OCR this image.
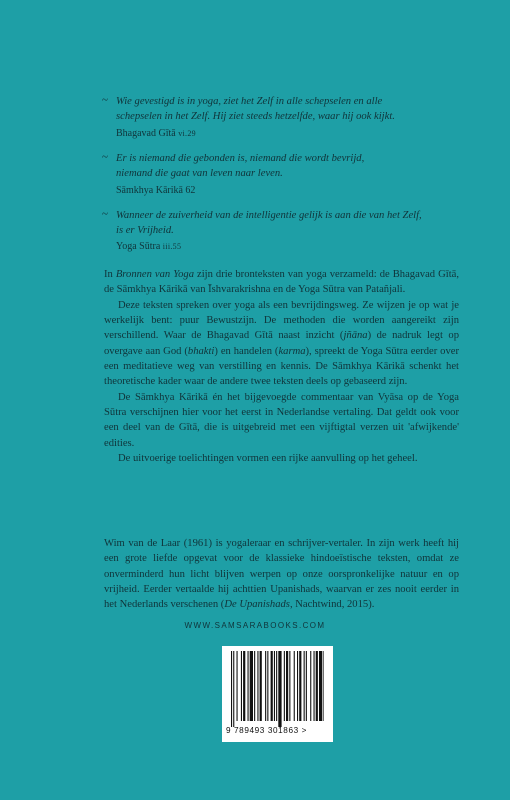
~ Wie gevestigd is in yoga, ziet het Zelf in alle schepselen en alle
schepselen in het Zelf. Hij ziet steeds hetzelfde, waar hij ook kijkt.
Bhagavad Gītā vi.29
~ Er is niemand die gebonden is, niemand die wordt bevrijd,
niemand die gaat van leven naar leven.
Sāmkhya Kārikā 62
~ Wanneer de zuiverheid van de intelligentie gelijk is aan die van het Zelf,
is er Vrijheid.
Yoga Sūtra iii.55

In Bronnen van Yoga zijn drie bronteksten van yoga verzameld: de Bhagavad Gītā, de Sāmkhya Kārikā van Īshvarakrishna en de Yoga Sūtra van Patañjali.

Deze teksten spreken over yoga als een bevrijdingsweg. Ze wijzen je op wat je werkelijk bent: puur Bewustzijn. De methoden die worden aangereikt zijn verschillend. Waar de Bhagavad Gītā naast inzicht (jñāna) de nadruk legt op overgave aan God (bhakti) en handelen (karma), spreekt de Yoga Sūtra eerder over een meditatieve weg van verstilling en kennis. De Sāmkhya Kārikā schenkt het theoretische kader waar de andere twee teksten deels op gebaseerd zijn.

De Sāmkhya Kārikā én het bijgevoegde commentaar van Vyāsa op de Yoga Sūtra verschijnen hier voor het eerst in Nederlandse vertaling. Dat geldt ook voor een deel van de Gītā, die is uitgebreid met een vijftigtal verzen uit 'afwijkende' edities.

De uitvoerige toelichtingen vormen een rijke aanvulling op het geheel.

Wim van de Laar (1961) is yogaleraar en schrijver-vertaler. In zijn werk heeft hij een grote liefde opgevat voor de klassieke hindoeïstische teksten, omdat ze onverminderd hun licht blijven werpen op onze oorspronkelijke natuur en op vrijheid. Eerder vertaalde hij achttien Upanishads, waarvan er zes nooit eerder in het Nederlands verschenen (De Upanishads, Nachtwind, 2015).

WWW.SAMSARABOOKS.COM
9 789493 301863 >
